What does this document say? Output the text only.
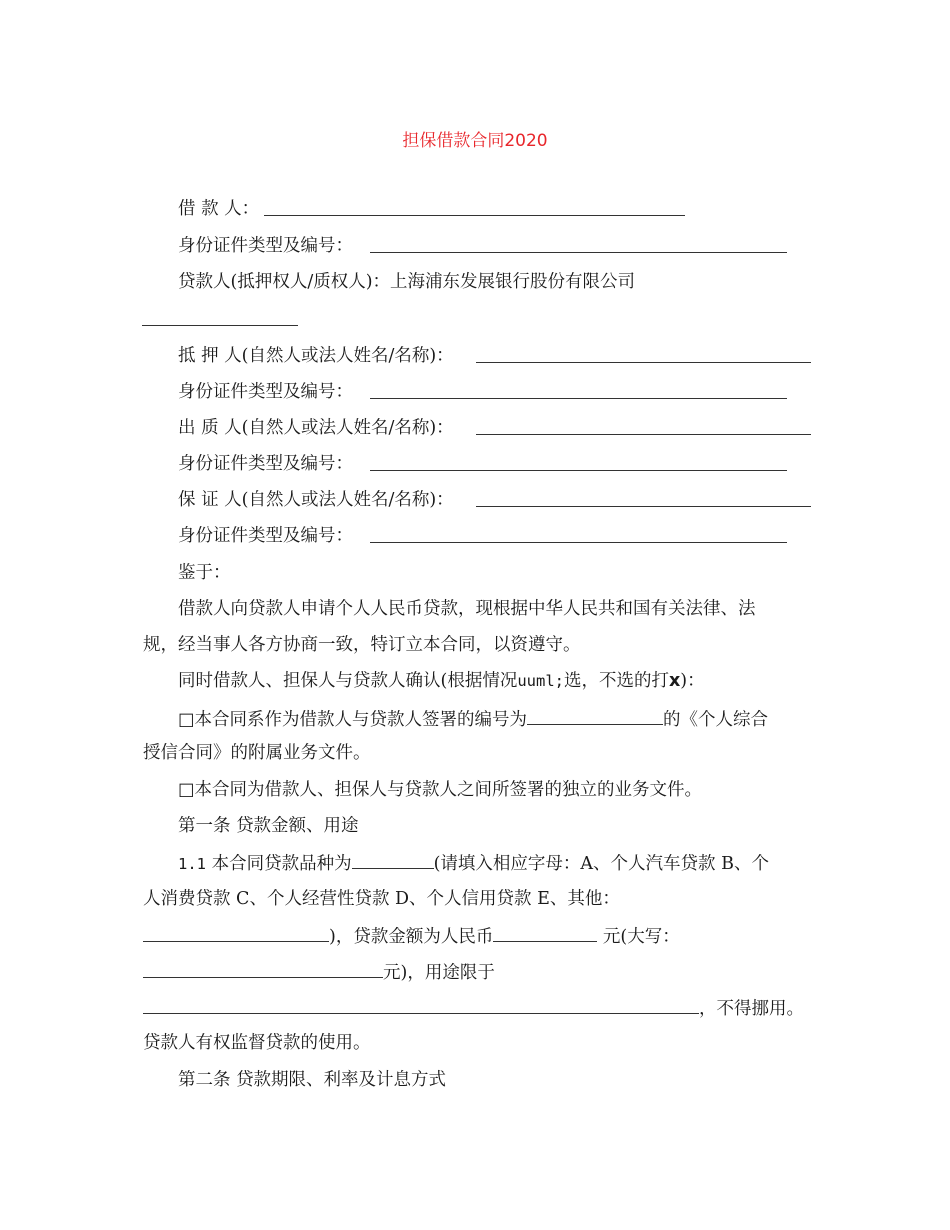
担保借款合同2020
借 款 人：
身份证件类型及编号：
贷款人(抵押权人/质权人)：上海浦东发展银行股份有限公司
抵 押 人(自然人或法人姓名/名称)：
身份证件类型及编号：
出 质 人(自然人或法人姓名/名称)：
身份证件类型及编号：
保 证 人(自然人或法人姓名/名称)：
身份证件类型及编号：
鉴于：
借款人向贷款人申请个人人民币贷款，现根据中华人民共和国有关法律、法
规，经当事人各方协商一致，特订立本合同，以资遵守。
同时借款人、担保人与贷款人确认(根据情况uuml;选，不选的打x)：
□本合同系作为借款人与贷款人签署的编号为	的《个人综合
授信合同》的附属业务文件。
□本合同为借款人、担保人与贷款人之间所签署的独立的业务文件。
第一条 贷款金额、用途
1.1 本合同贷款品种为	(请填入相应字母：A、个人汽车贷款 B、个
人消费贷款 C、个人经营性贷款 D、个人信用贷款 E、其他：
)，贷款金额为人民币	元(大写：
元)，用途限于
，不得挪用。
贷款人有权监督贷款的使用。
第二条 贷款期限、利率及计息方式
